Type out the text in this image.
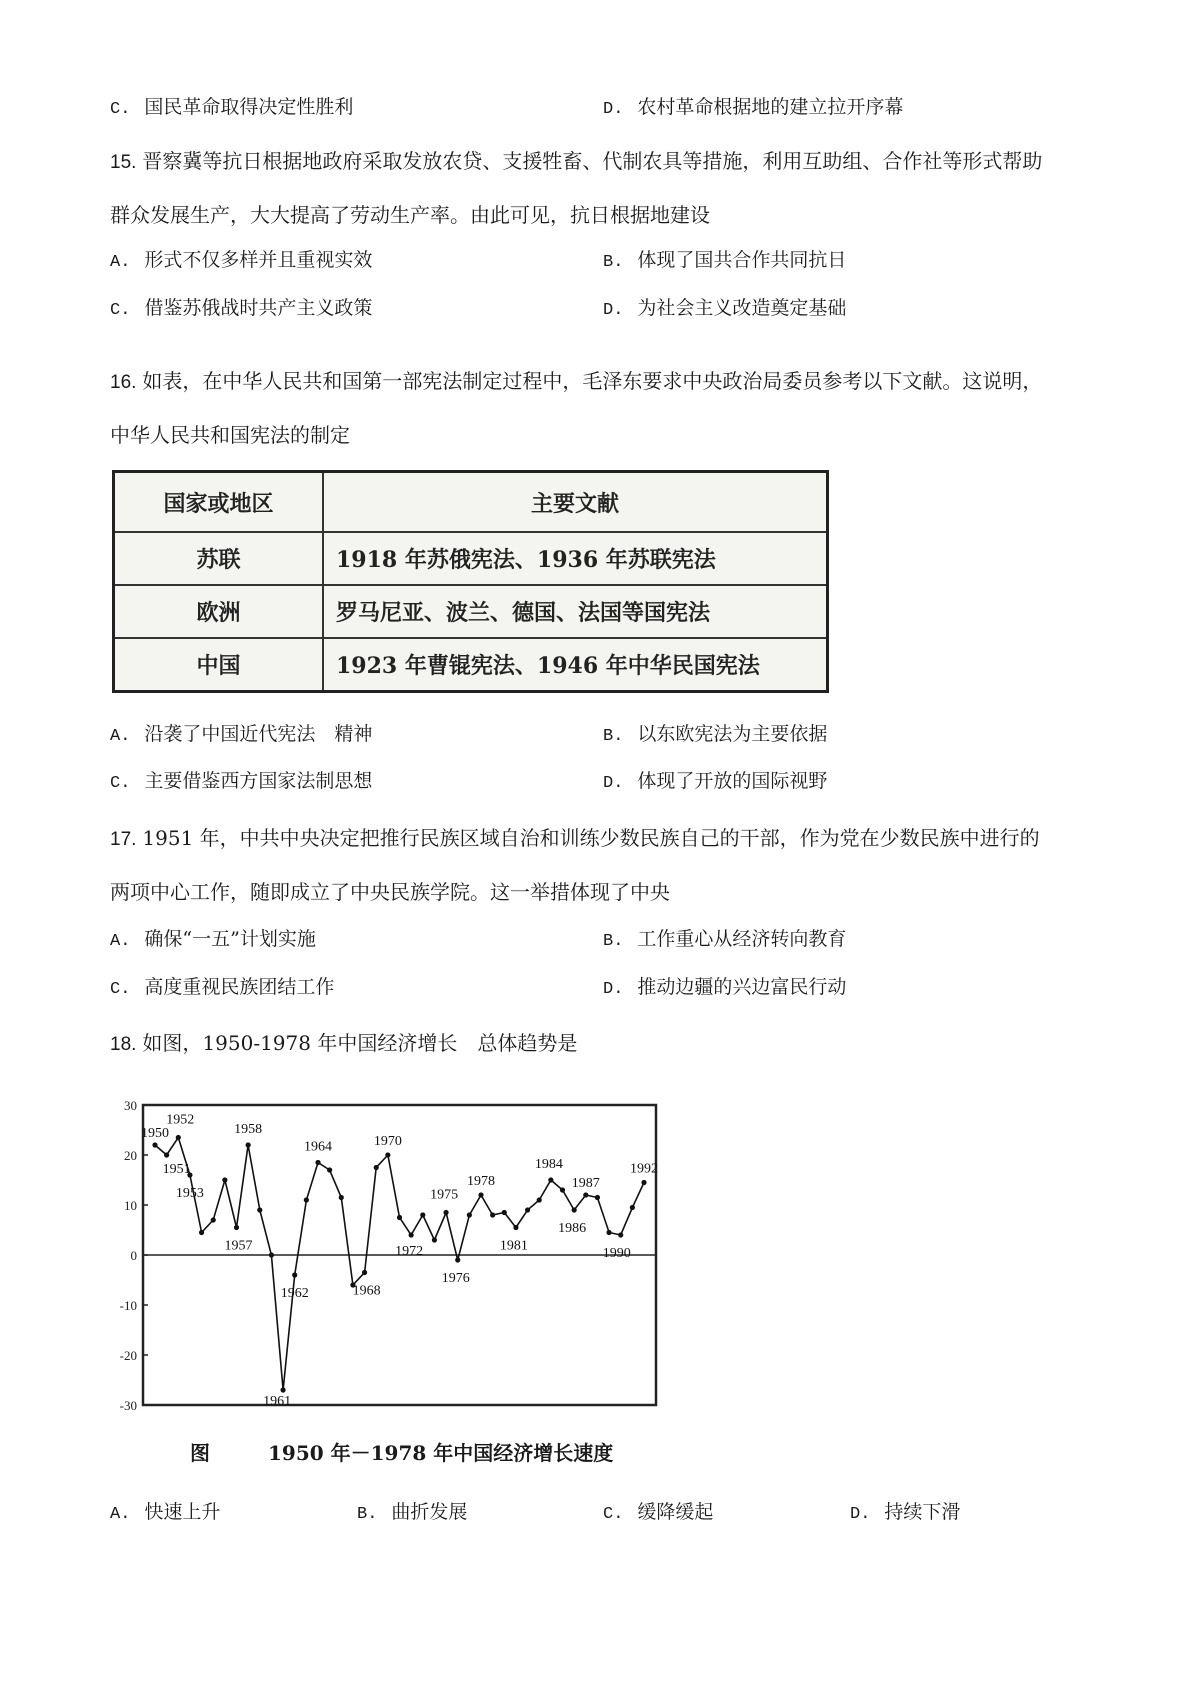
C. 国民革命取得决定性胜利	D. 农村革命根据地的建立拉开序幕
15. 晋察冀等抗日根据地政府采取发放农贷、支援牲畜、代制农具等措施，利用互助组、合作社等形式帮助
群众发展生产，大大提高了劳动生产率。由此可见，抗日根据地建设
A. 形式不仅多样并且重视实效	B. 体现了国共合作共同抗日
C. 借鉴苏俄战时共产主义政策	D. 为社会主义改造奠定基础
16. 如表，在中华人民共和国第一部宪法制定过程中，毛泽东要求中央政治局委员参考以下文献。这说明，
中华人民共和国宪法的制定
国家或地区	主要文献
苏联	1918 年苏俄宪法、1936 年苏联宪法
欧洲	罗马尼亚、波兰、德国、法国等国宪法
中国	1923 年曹锟宪法、1946 年中华民国宪法
A. 沿袭了中国近代宪法　精神	B. 以东欧宪法为主要依据
C. 主要借鉴西方国家法制思想	D. 体现了开放的国际视野
17. 1951 年，中共中央决定把推行民族区域自治和训练少数民族自己的干部，作为党在少数民族中进行的
两项中心工作，随即成立了中央民族学院。这一举措体现了中央
A. 确保“一五”计划实施	B. 工作重心从经济转向教育
C. 高度重视民族团结工作	D. 推动边疆的兴边富民行动
18. 如图，1950-1978 年中国经济增长　总体趋势是
30
20
10
0
-10
-20
-30
1950
1951
1952
1953
1957
1958
1961
1962
1964
1968
1970
1972
1975
1976
1978
1981
1984
1986
1987
1990
1992
图	1950 年－1978 年中国经济增长速度
A. 快速上升	B. 曲折发展	C. 缓降缓起	D. 持续下滑
